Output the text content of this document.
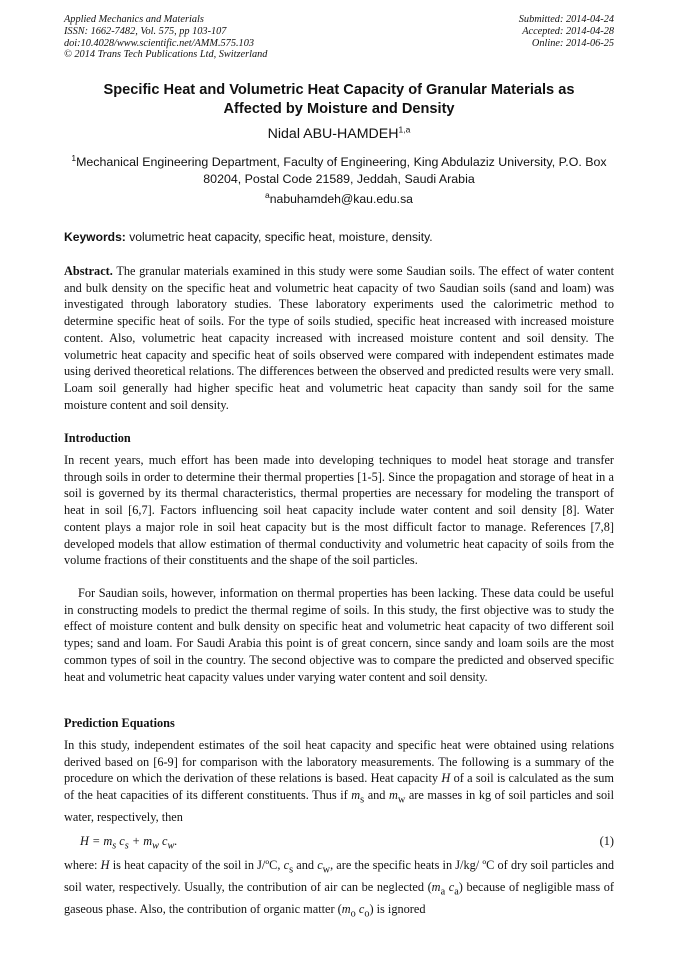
Applied Mechanics and Materials
ISSN: 1662-7482, Vol. 575, pp 103-107
doi:10.4028/www.scientific.net/AMM.575.103
© 2014 Trans Tech Publications Ltd, Switzerland
Submitted: 2014-04-24
Accepted: 2014-04-28
Online: 2014-06-25
Specific Heat and Volumetric Heat Capacity of Granular Materials as
Affected by Moisture and Density
Nidal ABU-HAMDEH$^{1,a}$
$^1$Mechanical Engineering Department, Faculty of Engineering, King Abdulaziz University, P.O. Box
80204, Postal Code 21589, Jeddah, Saudi Arabia
$^a$nabuhamdeh@kau.edu.sa
Keywords: volumetric heat capacity, specific heat, moisture, density.
Abstract. The granular materials examined in this study were some Saudian soils. The effect of water content and bulk density on the specific heat and volumetric heat capacity of two Saudian soils (sand and loam) was investigated through laboratory studies. These laboratory experiments used the calorimetric method to determine specific heat of soils. For the type of soils studied, specific heat increased with increased moisture content. Also, volumetric heat capacity increased with increased moisture content and soil density. The volumetric heat capacity and specific heat of soils observed were compared with independent estimates made using derived theoretical relations. The differences between the observed and predicted results were very small. Loam soil generally had higher specific heat and volumetric heat capacity than sandy soil for the same moisture content and soil density.
Introduction
In recent years, much effort has been made into developing techniques to model heat storage and transfer through soils in order to determine their thermal properties [1-5]. Since the propagation and storage of heat in a soil is governed by its thermal characteristics, thermal properties are necessary for modeling the transport of heat in soil [6,7]. Factors influencing soil heat capacity include water content and soil density [8]. Water content plays a major role in soil heat capacity but is the most difficult factor to manage. References [7,8] developed models that allow estimation of thermal conductivity and volumetric heat capacity of soils from the volume fractions of their constituents and the shape of the soil particles.
For Saudian soils, however, information on thermal properties has been lacking. These data could be useful in constructing models to predict the thermal regime of soils. In this study, the first objective was to study the effect of moisture content and bulk density on specific heat and volumetric heat capacity of two different soil types; sand and loam. For Saudi Arabia this point is of great concern, since sandy and loam soils are the most common types of soil in the country. The second objective was to compare the predicted and observed specific heat and volumetric heat capacity values under varying water content and soil density.
Prediction Equations
In this study, independent estimates of the soil heat capacity and specific heat were obtained using relations derived based on [6-9] for comparison with the laboratory measurements. The following is a summary of the procedure on which the derivation of these relations is based. Heat capacity H of a soil is calculated as the sum of the heat capacities of its different constituents. Thus if $m_s$ and $m_w$ are masses in kg of soil particles and soil water, respectively, then
$H = m_s$ $c_s + m_w$ $c_w$.	(1)
where: H is heat capacity of the soil in J/ºC, $c_s$ and $c_w$, are the specific heats in J/kg/ ºC of dry soil particles and soil water, respectively. Usually, the contribution of air can be neglected ($m_a$ $c_a$) because of negligible mass of gaseous phase. Also, the contribution of organic matter ($m_o$ $c_o$) is ignored
